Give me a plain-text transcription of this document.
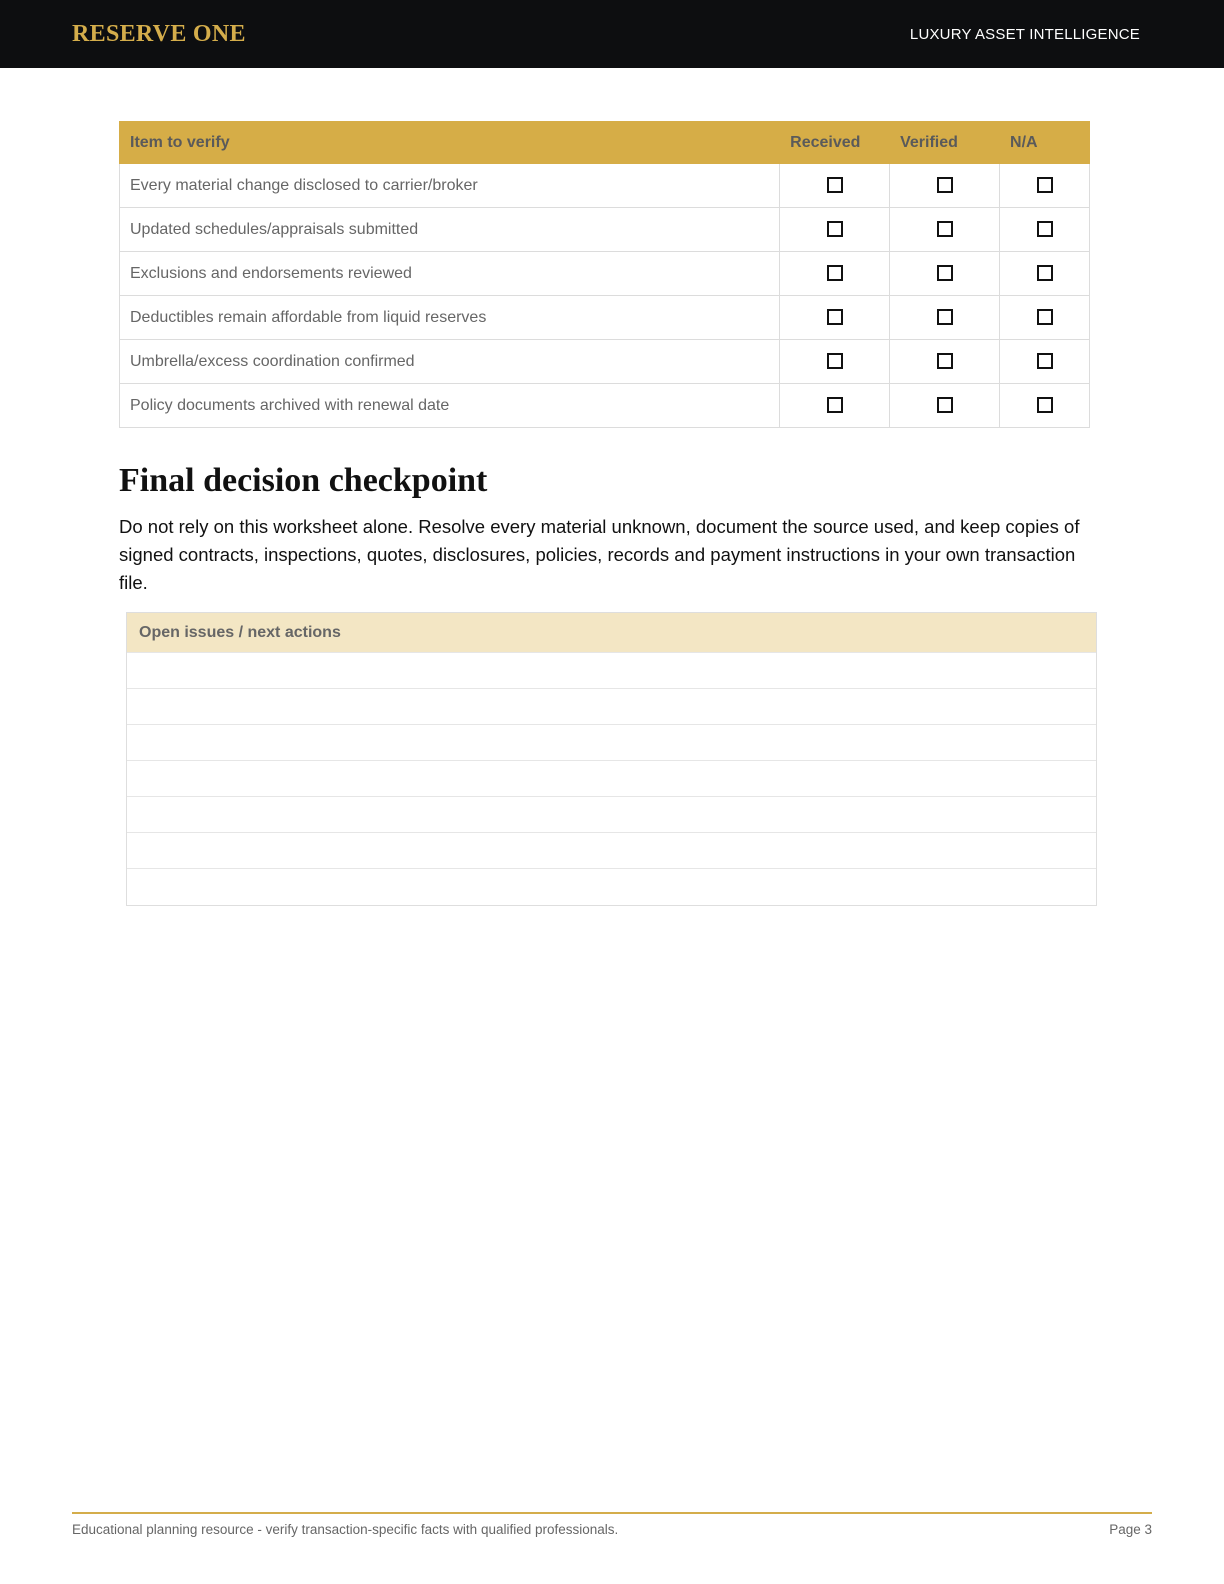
RESERVE ONE	LUXURY ASSET INTELLIGENCE
Item to verify	Received	Verified	N/A
Every material change disclosed to carrier/broker			
Updated schedules/appraisals submitted			
Exclusions and endorsements reviewed			
Deductibles remain affordable from liquid reserves			
Umbrella/excess coordination confirmed			
Policy documents archived with renewal date			
Final decision checkpoint

Do not rely on this worksheet alone. Resolve every material unknown, document the source used, and keep copies of signed contracts, inspections, quotes, disclosures, policies, records and payment instructions in your own transaction file.

Open issues / next actions
Educational planning resource - verify transaction-specific facts with qualified professionals.	Page 3
